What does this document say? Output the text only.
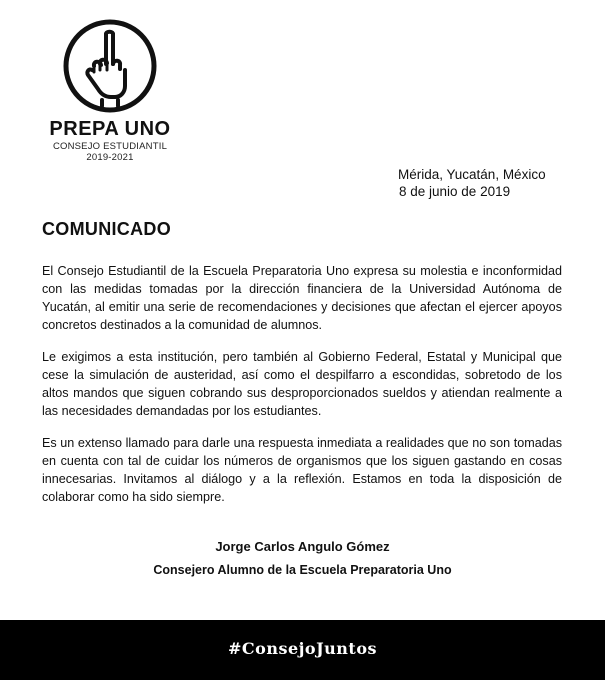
PREPA UNO
CONSEJO ESTUDIANTIL
2019-2021
Mérida, Yucatán, México
8 de junio de 2019
COMUNICADO

El Consejo Estudiantil de la Escuela Preparatoria Uno expresa su molestia e inconformidad con las medidas tomadas por la dirección financiera de la Universidad Autónoma de Yucatán, al emitir una serie de recomendaciones y decisiones que afectan el ejercer apoyos concretos destinados a la comunidad de alumnos.

Le exigimos a esta institución, pero también al Gobierno Federal, Estatal y Municipal que cese la simulación de austeridad, así como el despilfarro a escondidas, sobretodo de los altos mandos que siguen cobrando sus desproporcionados sueldos y atiendan realmente a las necesidades demandadas por los estudiantes.

Es un extenso llamado para darle una respuesta inmediata a realidades que no son tomadas en cuenta con tal de cuidar los números de organismos que los siguen gastando en cosas innecesarias. Invitamos al diálogo y a la reflexión. Estamos en toda la disposición de colaborar como ha sido siempre.

Jorge Carlos Angulo Gómez
Consejero Alumno de la Escuela Preparatoria Uno
#ConsejoJuntos
